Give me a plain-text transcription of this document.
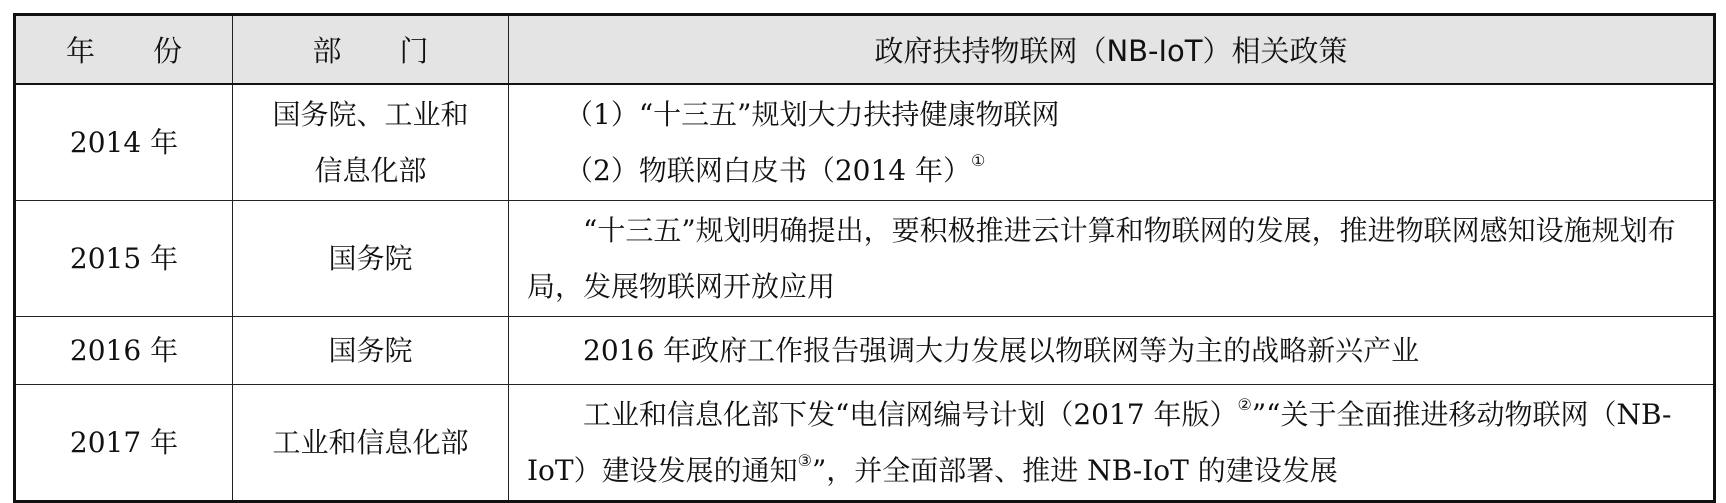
年份	部门	政府扶持物联网（NB-IoT）相关政策
2014 年	国务院、工业和信息化部	（1）“十三五”规划大力扶持健康物联网
（2）物联网白皮书（2014 年）①

2015 年	国务院	“十三五”规划明确提出，要积极推进云计算和物联网的发展，推进物联网感知设施规划布局，发展物联网开放应用

2016 年	国务院	2016 年政府工作报告强调大力发展以物联网等为主的战略新兴产业

2017 年	工业和信息化部	工业和信息化部下发“电信网编号计划（2017 年版）②”“关于全面推进移动物联网（NB-IoT）建设发展的通知③”，并全面部署、推进 NB-IoT 的建设发展
